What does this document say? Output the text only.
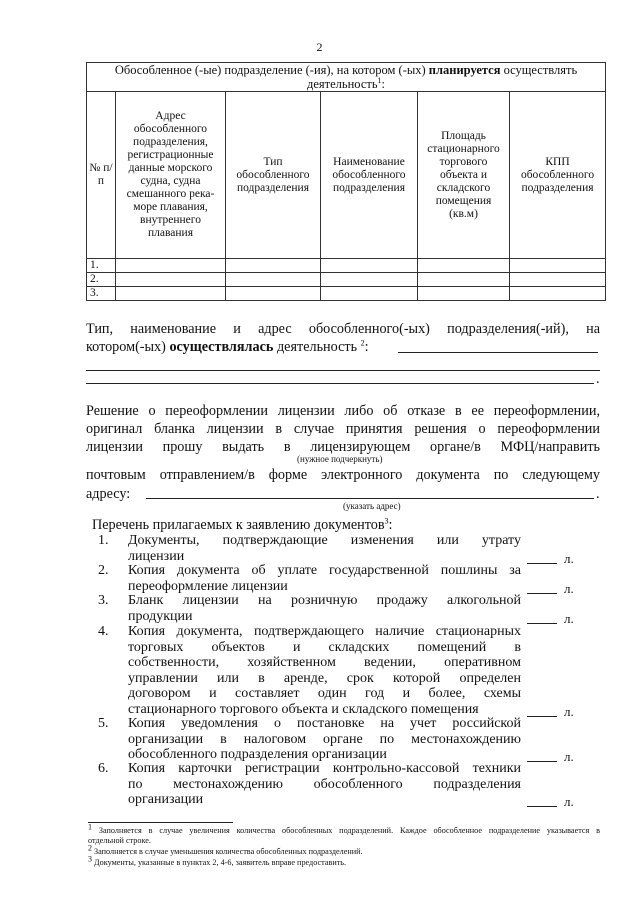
2
Обособленное (-ые) подразделение (-ия), на котором (-ых) планируется осуществлять деятельность$^1$:					
№ п/п	Адрес обособленного подразделения, регистрационные данные морского судна, судна смешанного река-море плавания, внутреннего плавания	Тип обособленного подразделения	Наименование обособленного подразделения	Площадь стационарного торгового объекта и складского помещения (кв.м)	КПП обособленного подразделения
1.					
2.					
3.					
Тип, наименование и адрес обособленного(-ых) подразделения(-ий), на
котором(-ых) осуществлялась деятельность $^2$:
.
Решение о переоформлении лицензии либо об отказе в ее переоформлении,
оригинал бланка лицензии в случае принятия решения о переоформлении
лицензии прошу выдать в лицензирующем органе/в МФЦ/направить
(нужное подчеркнуть)
почтовым отправлением/в форме электронного документа по следующему
адресу:	.
(указать адрес)
Перечень прилагаемых к заявлению документов$^3$:
1.	Документы, подтверждающие изменения или утрату
лицензии	л.
2.	Копия документа об уплате государственной пошлины за
переоформление лицензии	л.
3.	Бланк лицензии на розничную продажу алкогольной
продукции	л.
4.	Копия документа, подтверждающего наличие стационарных
торговых объектов и складских помещений в
собственности, хозяйственном ведении, оперативном
управлении или в аренде, срок которой определен
договором и составляет один год и более, схемы
стационарного торгового объекта и складского помещения	л.
5.	Копия уведомления о постановке на учет российской
организации в налоговом органе по местонахождению
обособленного подразделения организации	л.
6.	Копия карточки регистрации контрольно-кассовой техники
по местонахождению обособленного подразделения
организации	л.
$^1$ Заполняется в случае увеличения количества обособленных подразделений. Каждое обособленное подразделение указывается в
отдельной строке.
$^2$ Заполняется в случае уменьшения количества обособленных подразделений.
$^3$ Документы, указанные в пунктах 2, 4-6, заявитель вправе предоставить.
